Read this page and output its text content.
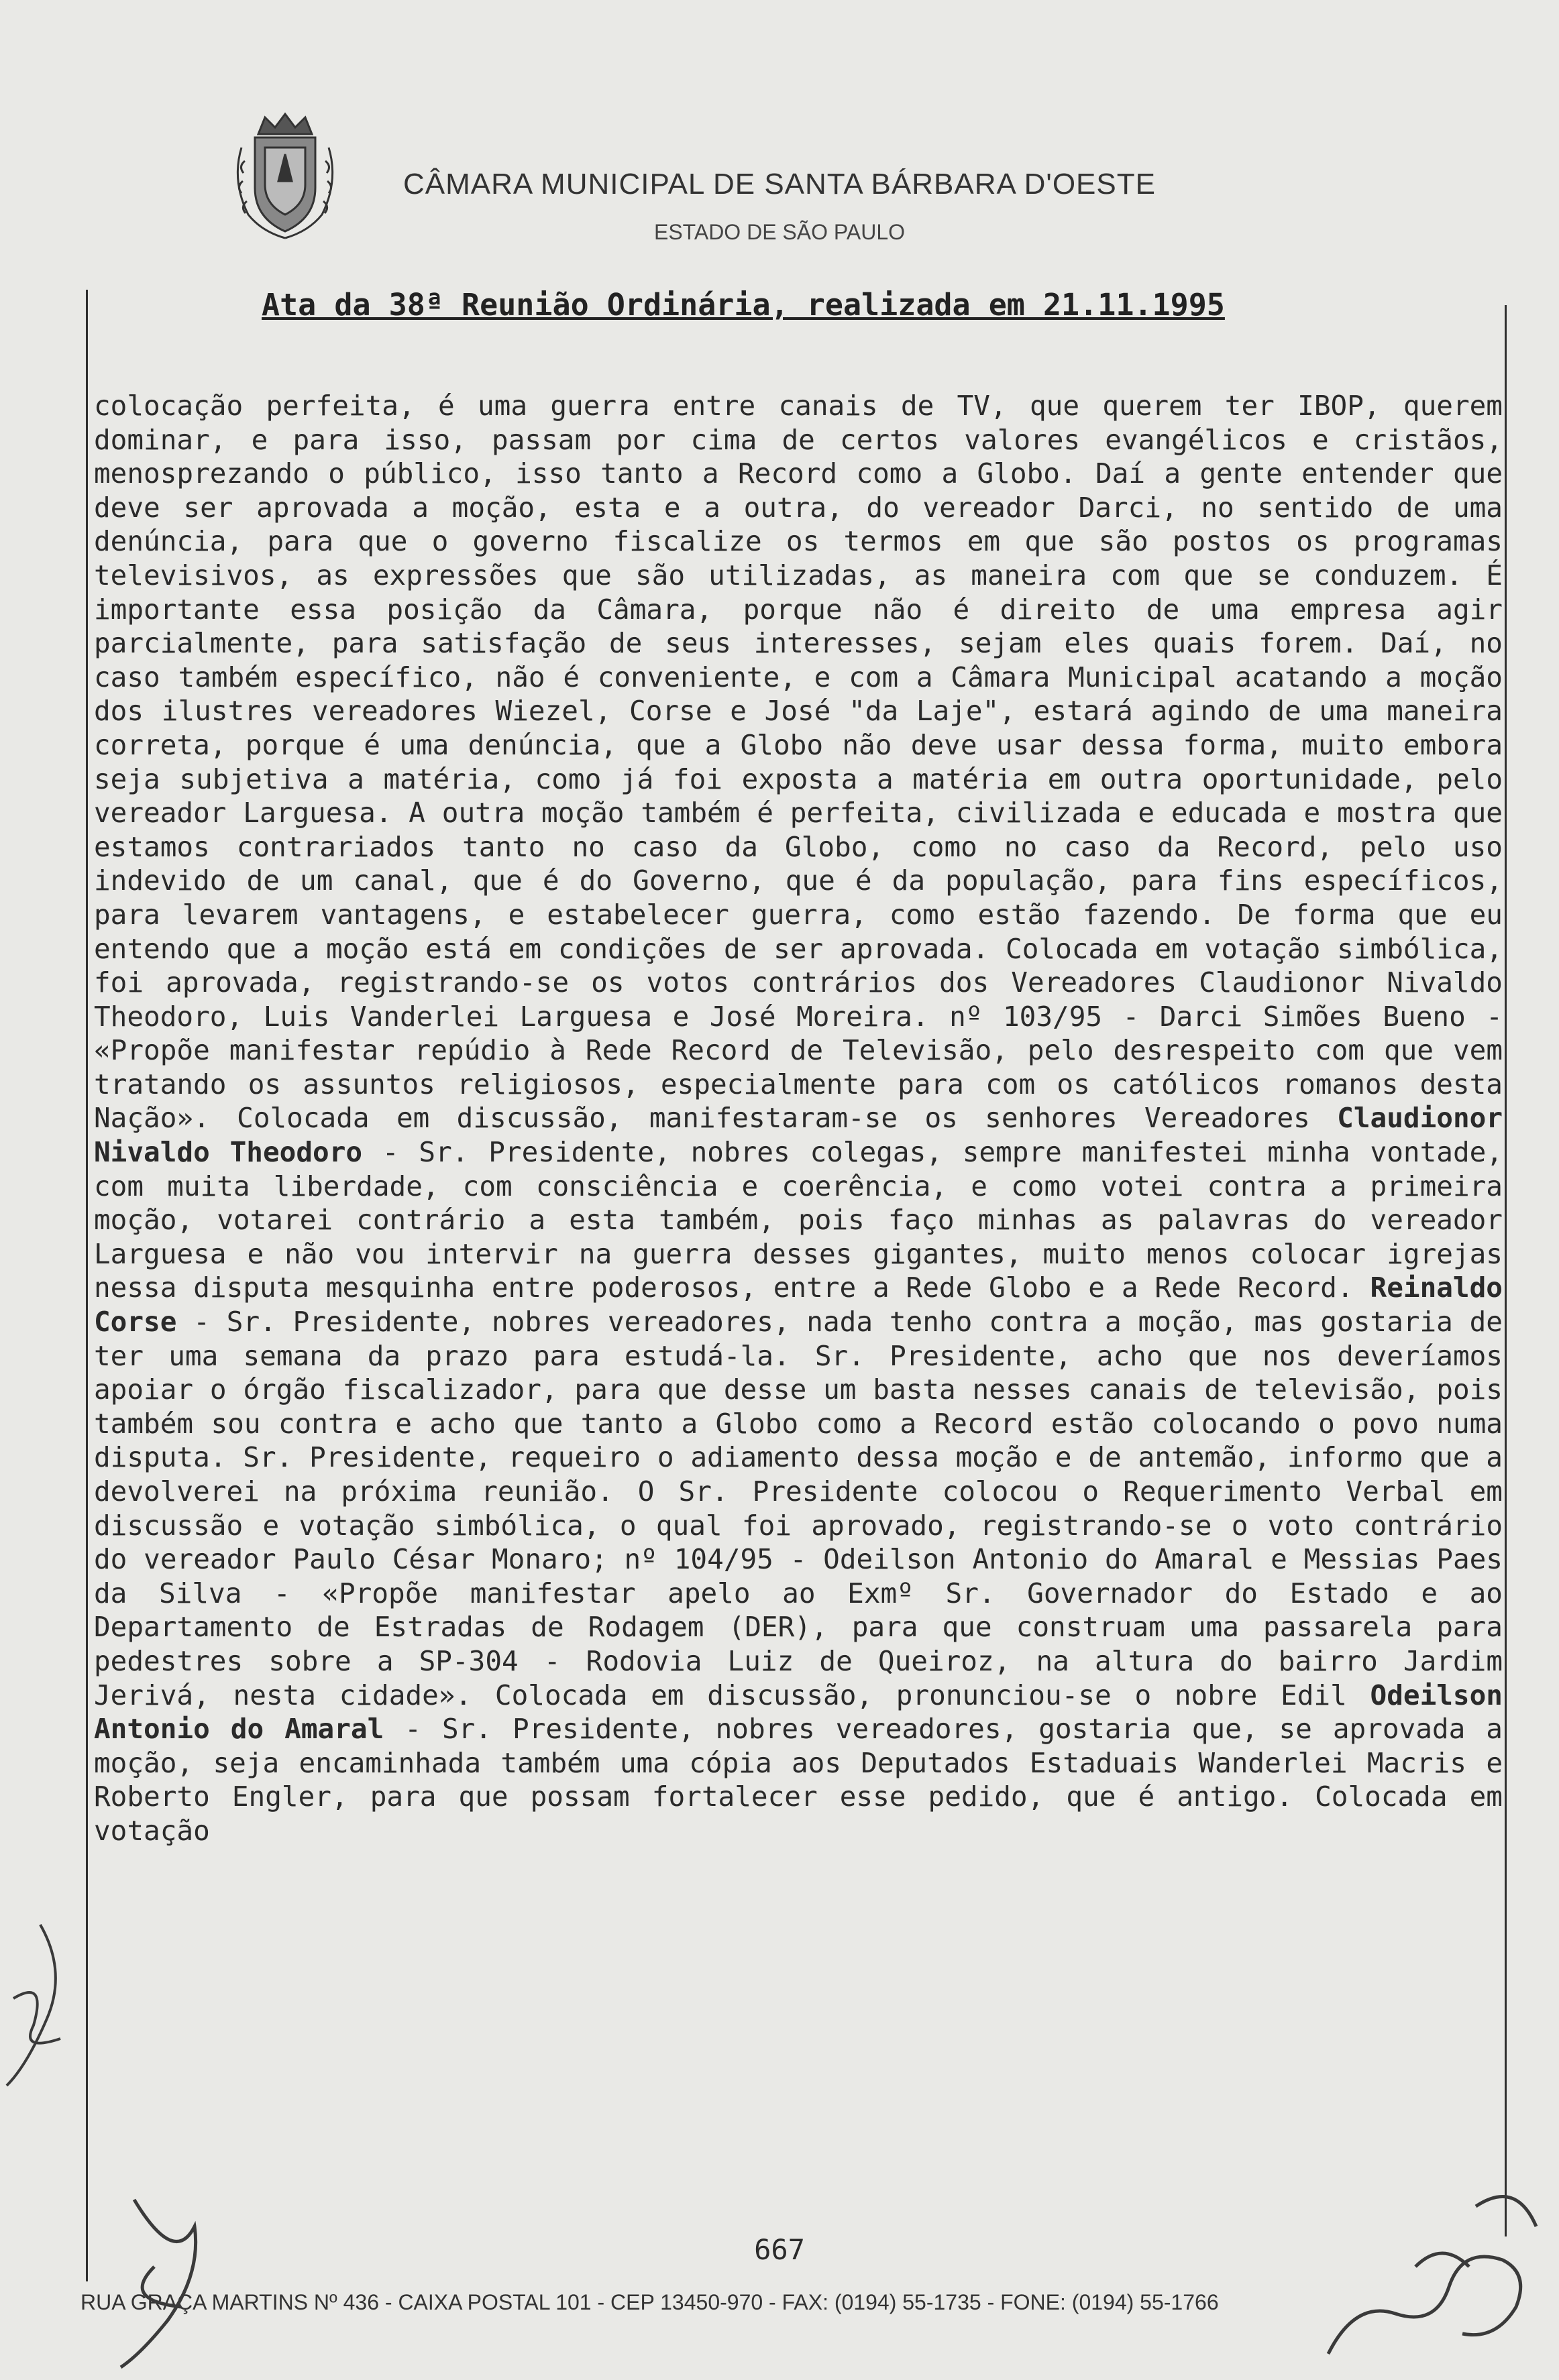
CÂMARA MUNICIPAL DE SANTA BÁRBARA D'OESTE
ESTADO DE SÃO PAULO
Ata da 38ª Reunião Ordinária, realizada em 21.11.1995
colocação perfeita, é uma guerra entre canais de TV, que querem ter IBOP, querem dominar, e para isso, passam por cima de certos valores evangélicos e cristãos, menosprezando o público, isso tanto a Record como a Globo. Daí a gente entender que deve ser aprovada a moção, esta e a outra, do vereador Darci, no sentido de uma denúncia, para que o governo fiscalize os termos em que são postos os programas televisivos, as expressões que são utilizadas, as maneira com que se conduzem. É importante essa posição da Câmara, porque não é direito de uma empresa agir parcialmente, para satisfação de seus interesses, sejam eles quais forem. Daí, no caso também específico, não é conveniente, e com a Câmara Municipal acatando a moção dos ilustres vereadores Wiezel, Corse e José "da Laje", estará agindo de uma maneira correta, porque é uma denúncia, que a Globo não deve usar dessa forma, muito embora seja subjetiva a matéria, como já foi exposta a matéria em outra oportunidade, pelo vereador Larguesa. A outra moção também é perfeita, civilizada e educada e mostra que estamos contrariados tanto no caso da Globo, como no caso da Record, pelo uso indevido de um canal, que é do Governo, que é da população, para fins específicos, para levarem vantagens, e estabelecer guerra, como estão fazendo. De forma que eu entendo que a moção está em condições de ser aprovada. Colocada em votação simbólica, foi aprovada, registrando-se os votos contrários dos Vereadores Claudionor Nivaldo Theodoro, Luis Vanderlei Larguesa e José Moreira. nº 103/95 - Darci Simões Bueno - «Propõe manifestar repúdio à Rede Record de Televisão, pelo desrespeito com que vem tratando os assuntos religiosos, especialmente para com os católicos romanos desta Nação». Colocada em discussão, manifestaram-se os senhores Vereadores Claudionor Nivaldo Theodoro - Sr. Presidente, nobres colegas, sempre manifestei minha vontade, com muita liberdade, com consciência e coerência, e como votei contra a primeira moção, votarei contrário a esta também, pois faço minhas as palavras do vereador Larguesa e não vou intervir na guerra desses gigantes, muito menos colocar igrejas nessa disputa mesquinha entre poderosos, entre a Rede Globo e a Rede Record. Reinaldo Corse - Sr. Presidente, nobres vereadores, nada tenho contra a moção, mas gostaria de ter uma semana da prazo para estudá-la. Sr. Presidente, acho que nos deveríamos apoiar o órgão fiscalizador, para que desse um basta nesses canais de televisão, pois também sou contra e acho que tanto a Globo como a Record estão colocando o povo numa disputa. Sr. Presidente, requeiro o adiamento dessa moção e de antemão, informo que a devolverei na próxima reunião. O Sr. Presidente colocou o Requerimento Verbal em discussão e votação simbólica, o qual foi aprovado, registrando-se o voto contrário do vereador Paulo César Monaro; nº 104/95 - Odeilson Antonio do Amaral e Messias Paes da Silva - «Propõe manifestar apelo ao Exmº Sr. Governador do Estado e ao Departamento de Estradas de Rodagem (DER), para que construam uma passarela para pedestres sobre a SP-304 - Rodovia Luiz de Queiroz, na altura do bairro Jardim Jerivá, nesta cidade». Colocada em discussão, pronunciou-se o nobre Edil Odeilson Antonio do Amaral - Sr. Presidente, nobres vereadores, gostaria que, se aprovada a moção, seja encaminhada também uma cópia aos Deputados Estaduais Wanderlei Macris e Roberto Engler, para que possam fortalecer esse pedido, que é antigo. Colocada em votação
667
RUA GRAÇA MARTINS Nº 436 - CAIXA POSTAL 101 - CEP 13450-970 - FAX: (0194) 55-1735 - FONE: (0194) 55-1766
